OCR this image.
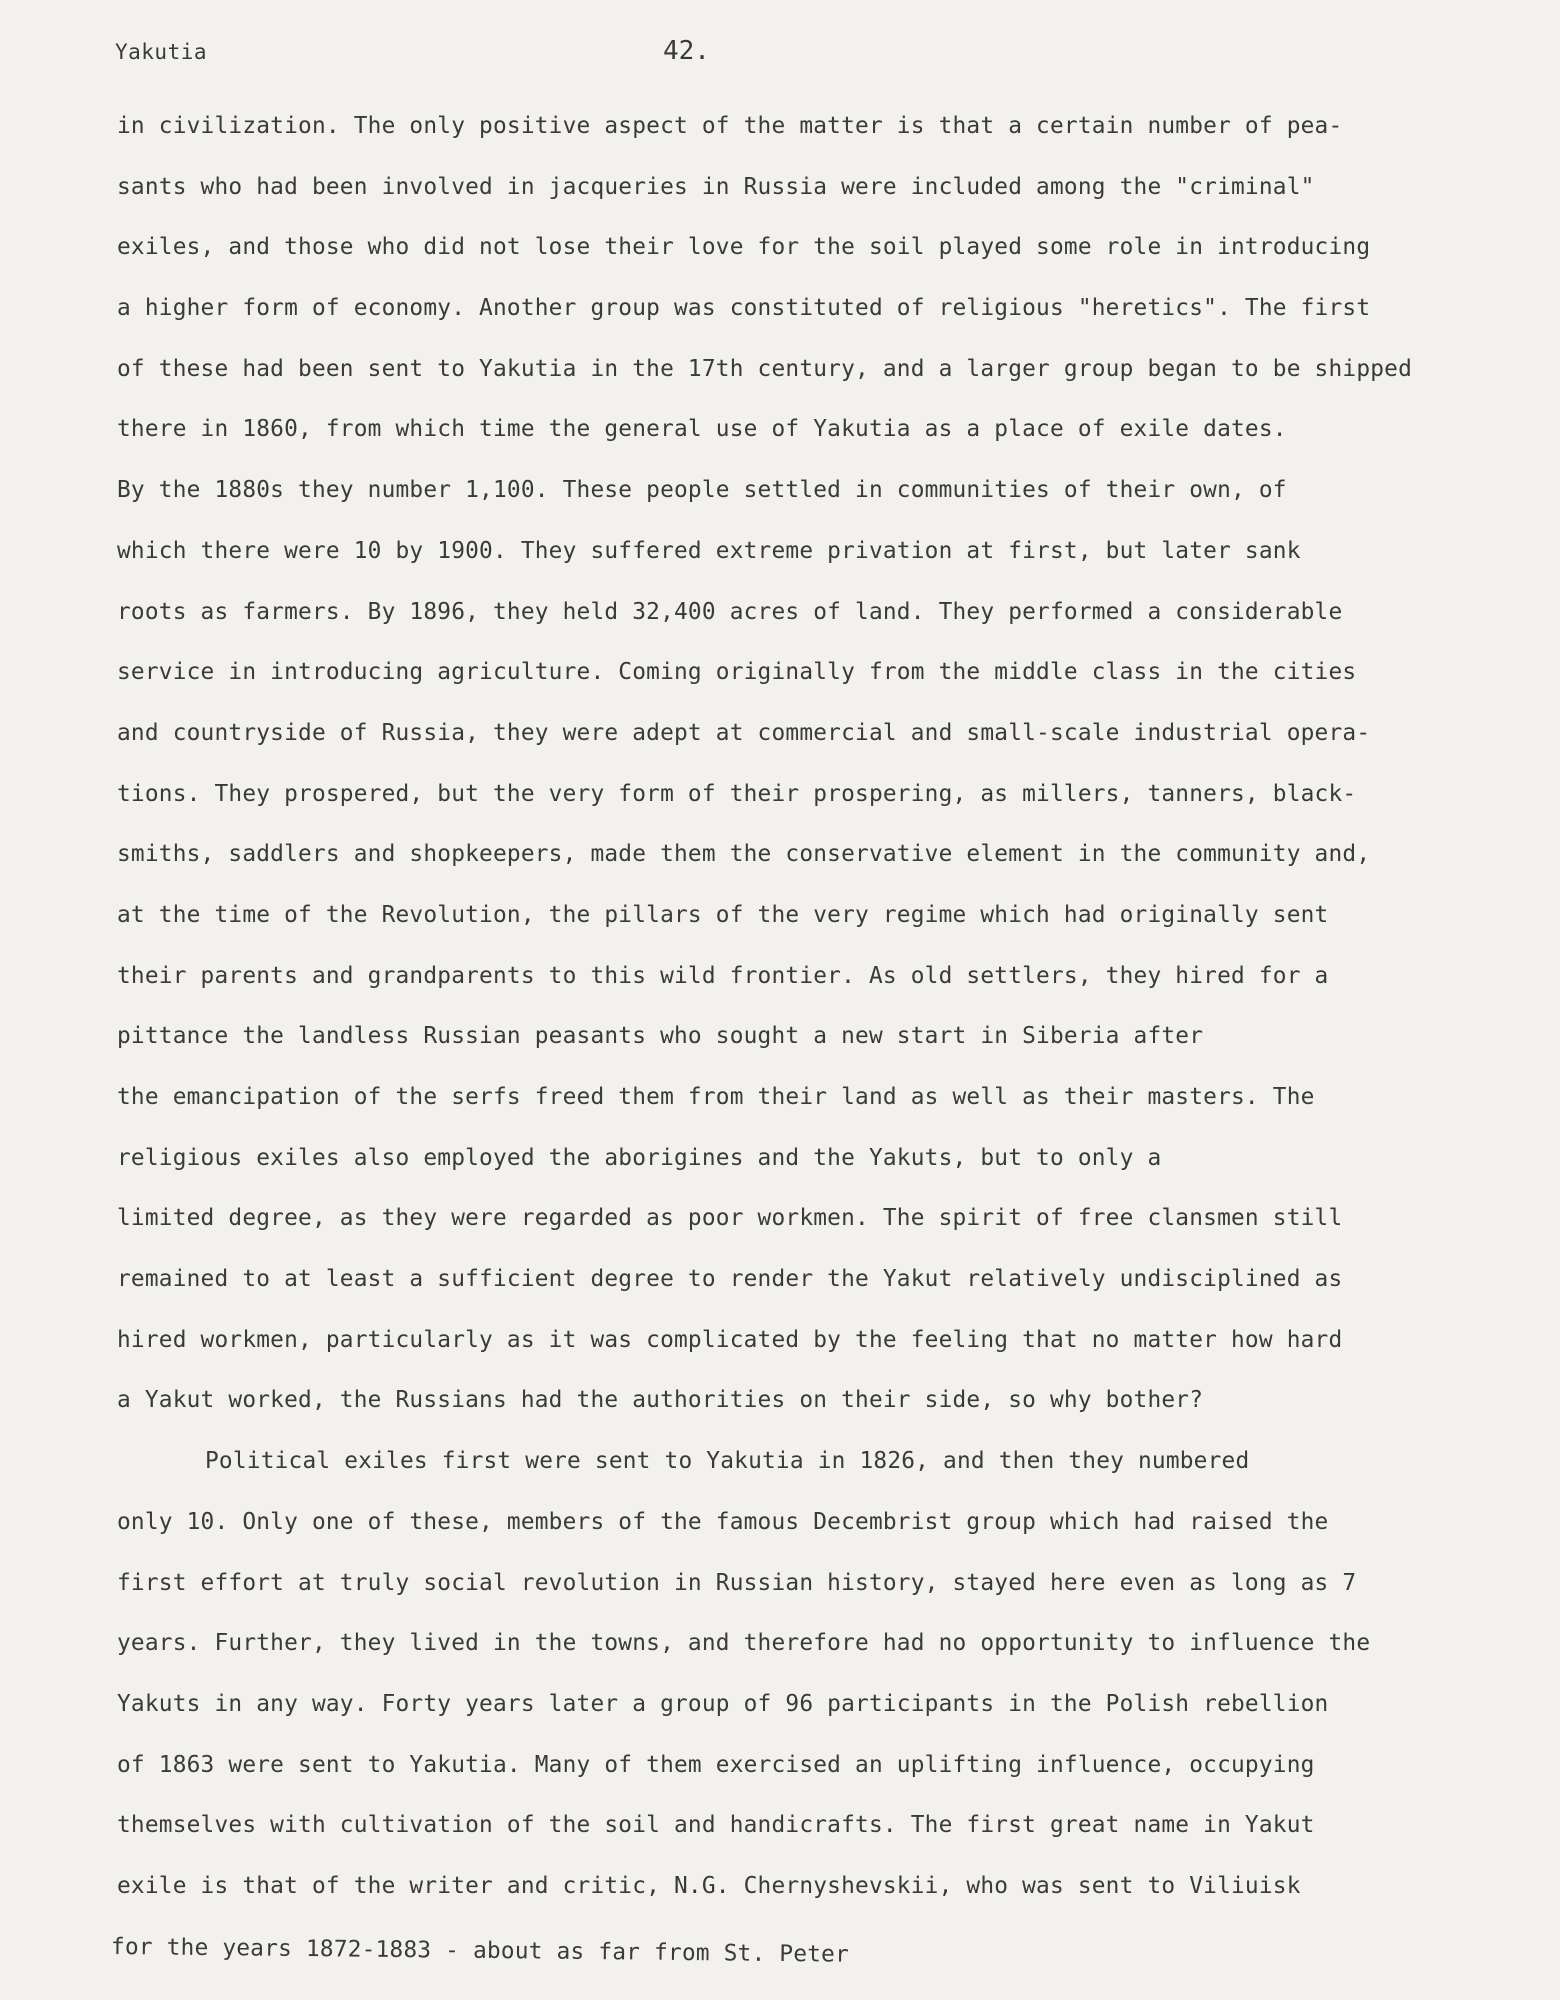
Yakutia	42.
in civilization. The only positive aspect of the matter is that a certain number of pea-
sants who had been involved in jacqueries in Russia were included among the "criminal"
exiles, and those who did not lose their love for the soil played some role in introducing
a higher form of economy. Another group was constituted of religious "heretics". The first
of these had been sent to Yakutia in the 17th century, and a larger group began to be shipped
there in 1860, from which time the general use of Yakutia as a place of exile dates.
By the 1880s they number 1,100. These people settled in communities of their own, of
which there were 10 by 1900. They suffered extreme privation at first, but later sank
roots as farmers. By 1896, they held 32,400 acres of land. They performed a considerable
service in introducing agriculture. Coming originally from the middle class in the cities
and countryside of Russia, they were adept at commercial and small-scale industrial opera-
tions. They prospered, but the very form of their prospering, as millers, tanners, black-
smiths, saddlers and shopkeepers, made them the conservative element in the community and,
at the time of the Revolution, the pillars of the very regime which had originally sent
their parents and grandparents to this wild frontier. As old settlers, they hired for a
pittance the landless Russian peasants who sought a new start in Siberia after
the emancipation of the serfs freed them from their land as well as their masters. The
religious exiles also employed the aborigines and the Yakuts, but to only a
limited degree, as they were regarded as poor workmen. The spirit of free clansmen still
remained to at least a sufficient degree to render the Yakut relatively undisciplined as
hired workmen, particularly as it was complicated by the feeling that no matter how hard
a Yakut worked, the Russians had the authorities on their side, so why bother?
Political exiles first were sent to Yakutia in 1826, and then they numbered
only 10. Only one of these, members of the famous Decembrist group which had raised the
first effort at truly social revolution in Russian history, stayed here even as long as 7
years. Further, they lived in the towns, and therefore had no opportunity to influence the
Yakuts in any way. Forty years later a group of 96 participants in the Polish rebellion
of 1863 were sent to Yakutia. Many of them exercised an uplifting influence, occupying
themselves with cultivation of the soil and handicrafts. The first great name in Yakut
exile is that of the writer and critic, N.G. Chernyshevskii, who was sent to Viliuisk
for the years 1872-1883 - about as far from St. Peter
